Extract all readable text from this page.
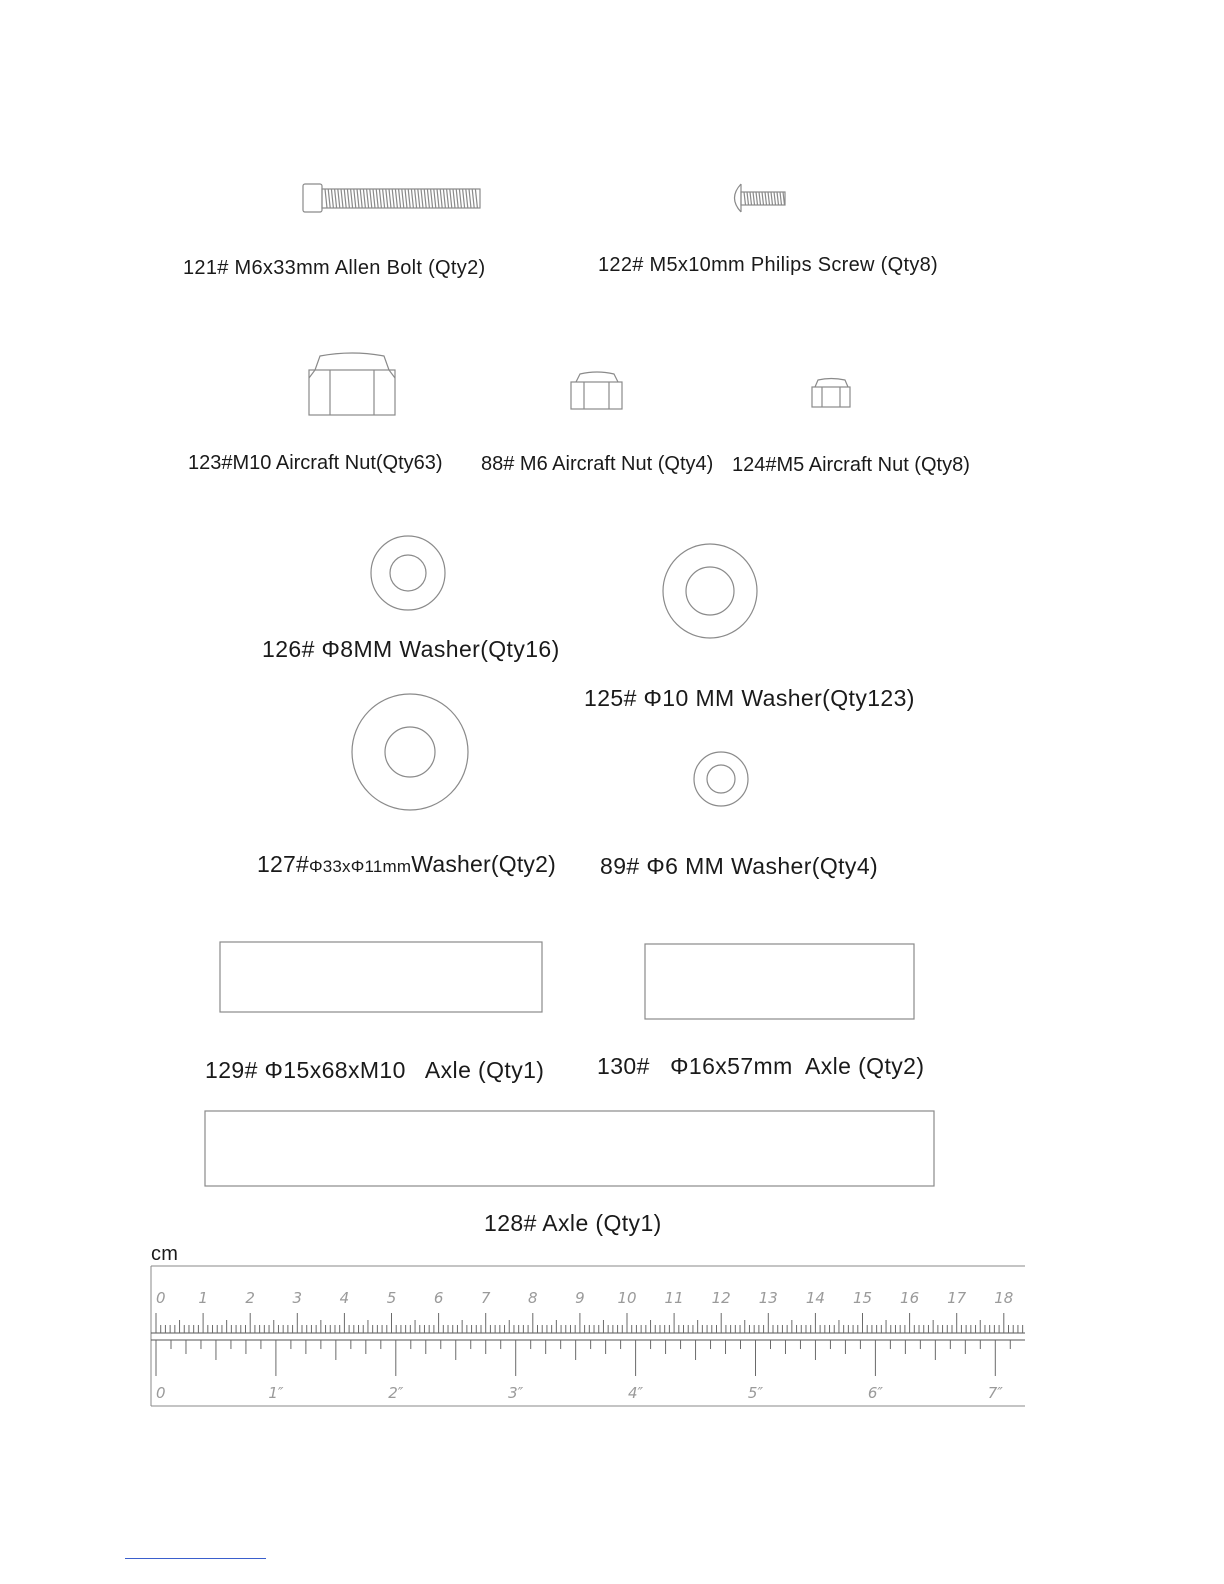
0 1	2	3	4	5	6	7	8	9 10 11 12 13 14 15 16 17 18
0	1″	2″	3″	4″	5″	6″	7″
121# M6x33mm Allen Bolt (Qty2)	122# M5x10mm Philips Screw (Qty8)
123#M10 Aircraft Nut(Qty63) 88# M6 Aircraft Nut (Qty4) 124#M5 Aircraft Nut (Qty8)
126# Φ8MM Washer(Qty16)
125# Φ10 MM Washer(Qty123)
127#Φ33xΦ11mmWasher(Qty2) 89# Φ6 MM Washer(Qty4)
129# Φ15x68xM10   Axle (Qty1) 130#   Φ16x57mm  Axle (Qty2)
128# Axle (Qty1)
cm
